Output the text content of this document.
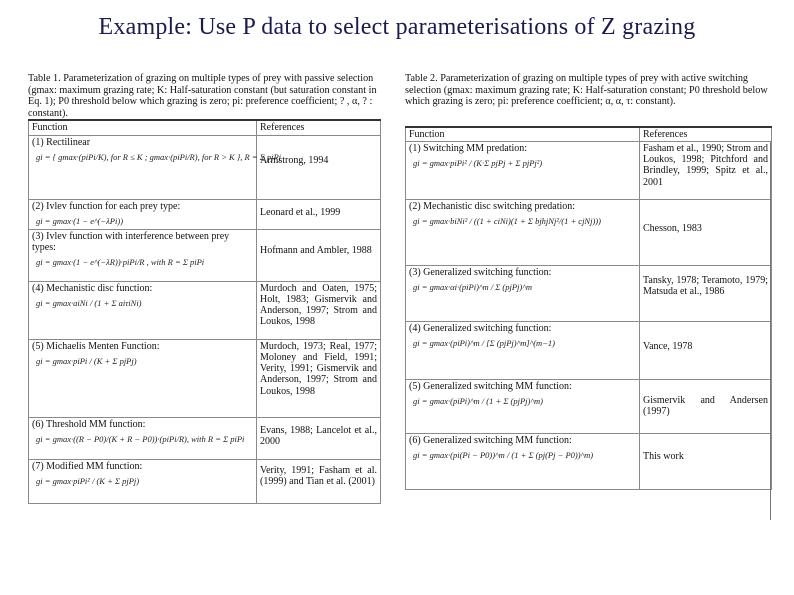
Example: Use P data to select parameterisations of Z grazing
Table 1. Parameterization of grazing on multiple types of prey with passive selection (gmax: maximum grazing rate; K: Half-saturation constant (but saturation constant in Eq. 1); P0 threshold below which grazing is zero; pi: preference coefficient; ? , α, ? : constant).
Function	References

(1) Rectilinear
gi = { gmax·(piPi/K), for R ≤ K ; gmax·(piPi/R), for R > K }, R = Σ pjPj	Armstrong, 1994

(2) Ivlev function for each prey type:
gi = gmax·(1 − e^(−λPi))	Leonard et al., 1999

(3) Ivlev function with interference between prey types:
gi = gmax·(1 − e^(−λR))·piPi/R , with R = Σ piPi	Hofmann and Ambler, 1988

(4) Mechanistic disc function:
gi = gmax·aiNi / (1 + Σ aiτiNi)	Murdoch and Oaten, 1975; Holt, 1983; Gismervik and Anderson, 1997; Strom and Loukos, 1998

(5) Michaelis Menten Function:
gi = gmax·piPi / (K + Σ pjPj)	Murdoch, 1973; Real, 1977; Moloney and Field, 1991; Verity, 1991; Gismervik and Anderson, 1997; Strom and Loukos, 1998

(6) Threshold MM function:
gi = gmax·((R − P0)/(K + R − P0))·(piPi/R), with R = Σ piPi	Evans, 1988; Lancelot et al., 2000

(7) Modified MM function:
gi = gmax·piPi² / (K + Σ pjPj)	Verity, 1991; Fasham et al. (1999) and Tian et al. (2001)
Table 2. Parameterization of grazing on multiple types of prey with active switching selection (gmax: maximum grazing rate; K: Half-saturation constant; P0 threshold below which grazing is zero; pi: preference coefficient; α, α, τ: constant).
Function	References

(1) Switching MM predation:
gi = gmax·piPi² / (K·Σ pjPj + Σ pjPj²)	Fasham et al., 1990; Strom and Loukos, 1998; Pitchford and Brindley, 1999; Spitz et al., 2001

(2) Mechanistic disc switching predation:
gi = gmax·biNi² / ((1 + ciNi)(1 + Σ bjhjNj²/(1 + cjNj)))	Chesson, 1983

(3) Generalized switching function:
gi = gmax·αi·(piPi)^m / Σ (pjPj)^m	Tansky, 1978; Teramoto, 1979; Matsuda et al., 1986

(4) Generalized switching function:
gi = gmax·(piPi)^m / [Σ (pjPj)^m]^(m−1)	Vance, 1978

(5) Generalized switching MM function:
gi = gmax·(piPi)^m / (1 + Σ (pjPj)^m)	Gismervik and Andersen (1997)

(6) Generalized switching MM function:
gi = gmax·(pi(Pi − P0))^m / (1 + Σ (pj(Pj − P0))^m)	This work
